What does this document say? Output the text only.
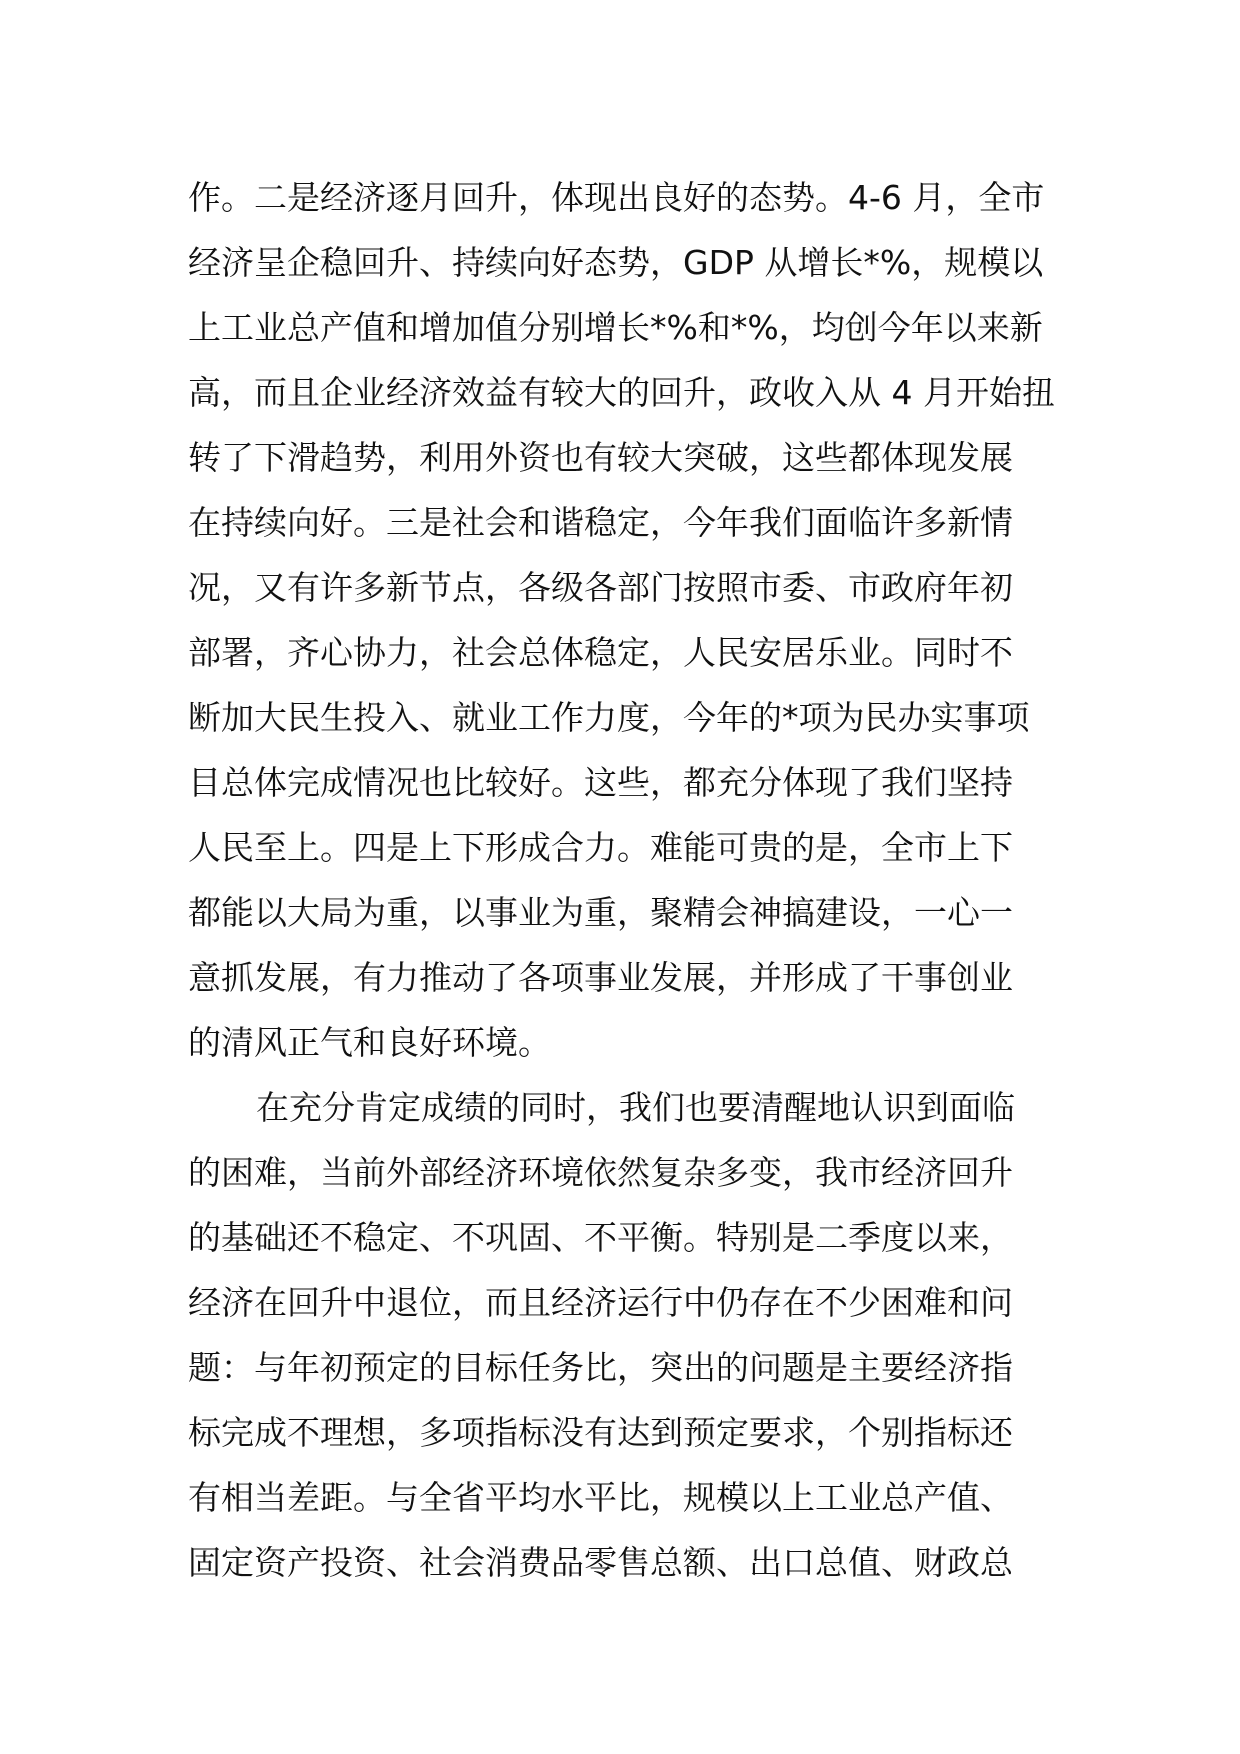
作。二是经济逐月回升，体现出良好的态势。4-6 月，全市
经济呈企稳回升、持续向好态势，GDP 从增长*%，规模以
上工业总产值和增加值分别增长*%和*%，均创今年以来新
高，而且企业经济效益有较大的回升，政收入从 4 月开始扭
转了下滑趋势，利用外资也有较大突破，这些都体现发展
在持续向好。三是社会和谐稳定，今年我们面临许多新情
况，又有许多新节点，各级各部门按照市委、市政府年初
部署，齐心协力，社会总体稳定，人民安居乐业。同时不
断加大民生投入、就业工作力度，今年的*项为民办实事项
目总体完成情况也比较好。这些，都充分体现了我们坚持
人民至上。四是上下形成合力。难能可贵的是，全市上下
都能以大局为重，以事业为重，聚精会神搞建设，一心一
意抓发展，有力推动了各项事业发展，并形成了干事创业
的清风正气和良好环境。
在充分肯定成绩的同时，我们也要清醒地认识到面临
的困难，当前外部经济环境依然复杂多变，我市经济回升
的基础还不稳定、不巩固、不平衡。特别是二季度以来，
经济在回升中退位，而且经济运行中仍存在不少困难和问
题：与年初预定的目标任务比，突出的问题是主要经济指
标完成不理想，多项指标没有达到预定要求，个别指标还
有相当差距。与全省平均水平比，规模以上工业总产值、
固定资产投资、社会消费品零售总额、出口总值、财政总
